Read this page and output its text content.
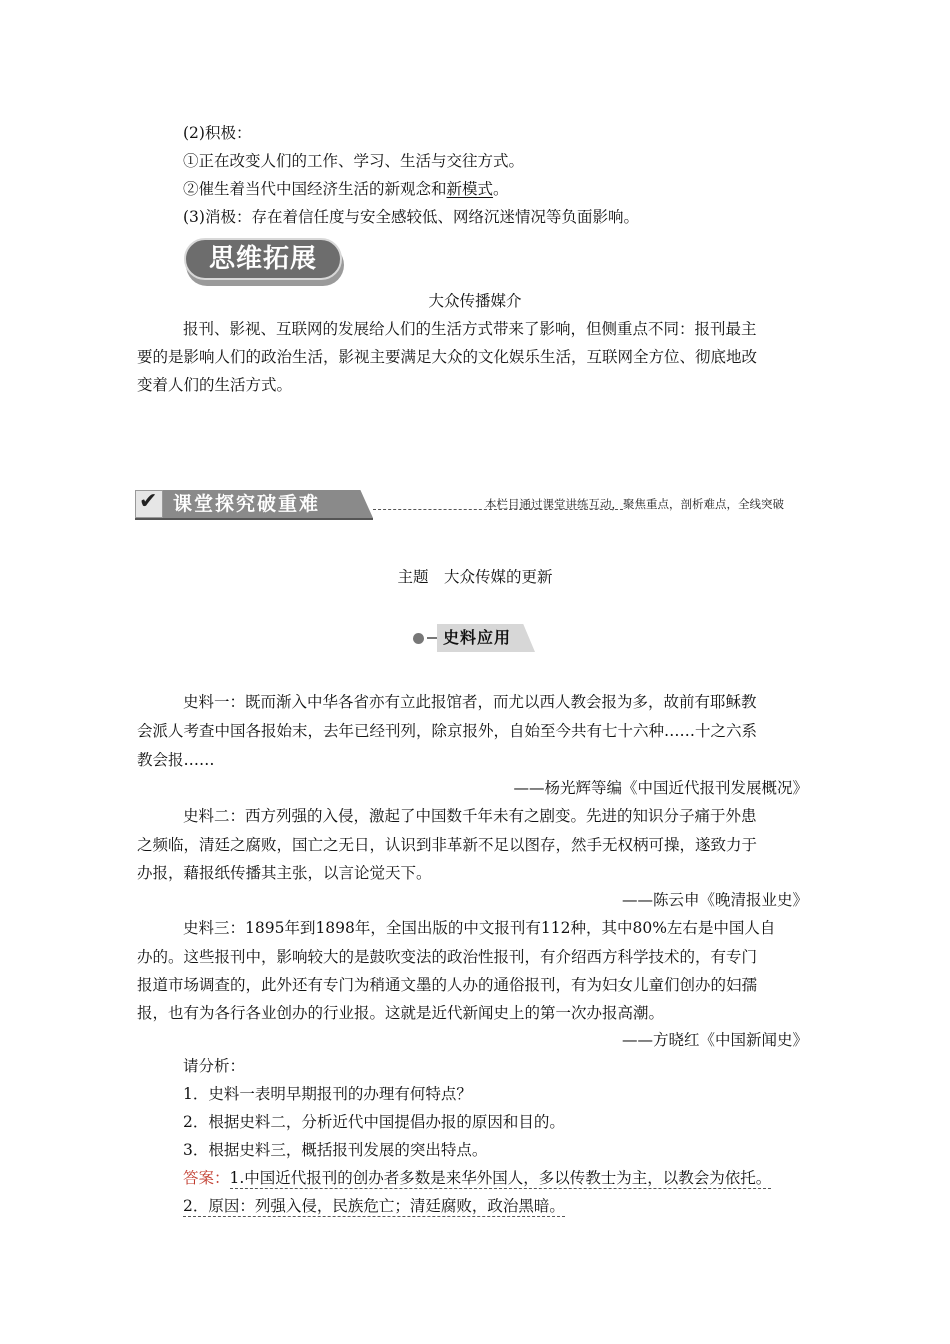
(2)积极：
①正在改变人们的工作、学习、生活与交往方式。
②催生着当代中国经济生活的新观念和新模式。
(3)消极：存在着信任度与安全感较低、网络沉迷情况等负面影响。
思维拓展
大众传播媒介
报刊、影视、互联网的发展给人们的生活方式带来了影响，但侧重点不同：报刊最主
要的是影响人们的政治生活，影视主要满足大众的文化娱乐生活，互联网全方位、彻底地改
变着人们的生活方式。
✔ 课堂探究破重难	本栏目通过课堂讲练互动，聚焦重点，剖析难点，全线突破
主题　大众传媒的更新
史料应用
史料一：既而渐入中华各省亦有立此报馆者，而尤以西人教会报为多，故前有耶稣教
会派人考查中国各报始末，去年已经刊列，除京报外，自始至今共有七十六种……十之六系
教会报……
——杨光辉等编《中国近代报刊发展概况》
史料二：西方列强的入侵，激起了中国数千年未有之剧变。先进的知识分子痛于外患
之频临，清廷之腐败，国亡之无日，认识到非革新不足以图存，然手无权柄可操，遂致力于
办报，藉报纸传播其主张，以言论觉天下。
——陈云申《晚清报业史》
史料三：1895年到1898年，全国出版的中文报刊有112种，其中80%左右是中国人自
办的。这些报刊中，影响较大的是鼓吹变法的政治性报刊，有介绍西方科学技术的，有专门
报道市场调查的，此外还有专门为稍通文墨的人办的通俗报刊，有为妇女儿童们创办的妇孺
报，也有为各行各业创办的行业报。这就是近代新闻史上的第一次办报高潮。
——方晓红《中国新闻史》
请分析：
1．史料一表明早期报刊的办理有何特点？
2．根据史料二，分析近代中国提倡办报的原因和目的。
3．根据史料三，概括报刊发展的突出特点。
答案：1.中国近代报刊的创办者多数是来华外国人，多以传教士为主，以教会为依托。
2．原因：列强入侵，民族危亡；清廷腐败，政治黑暗。
